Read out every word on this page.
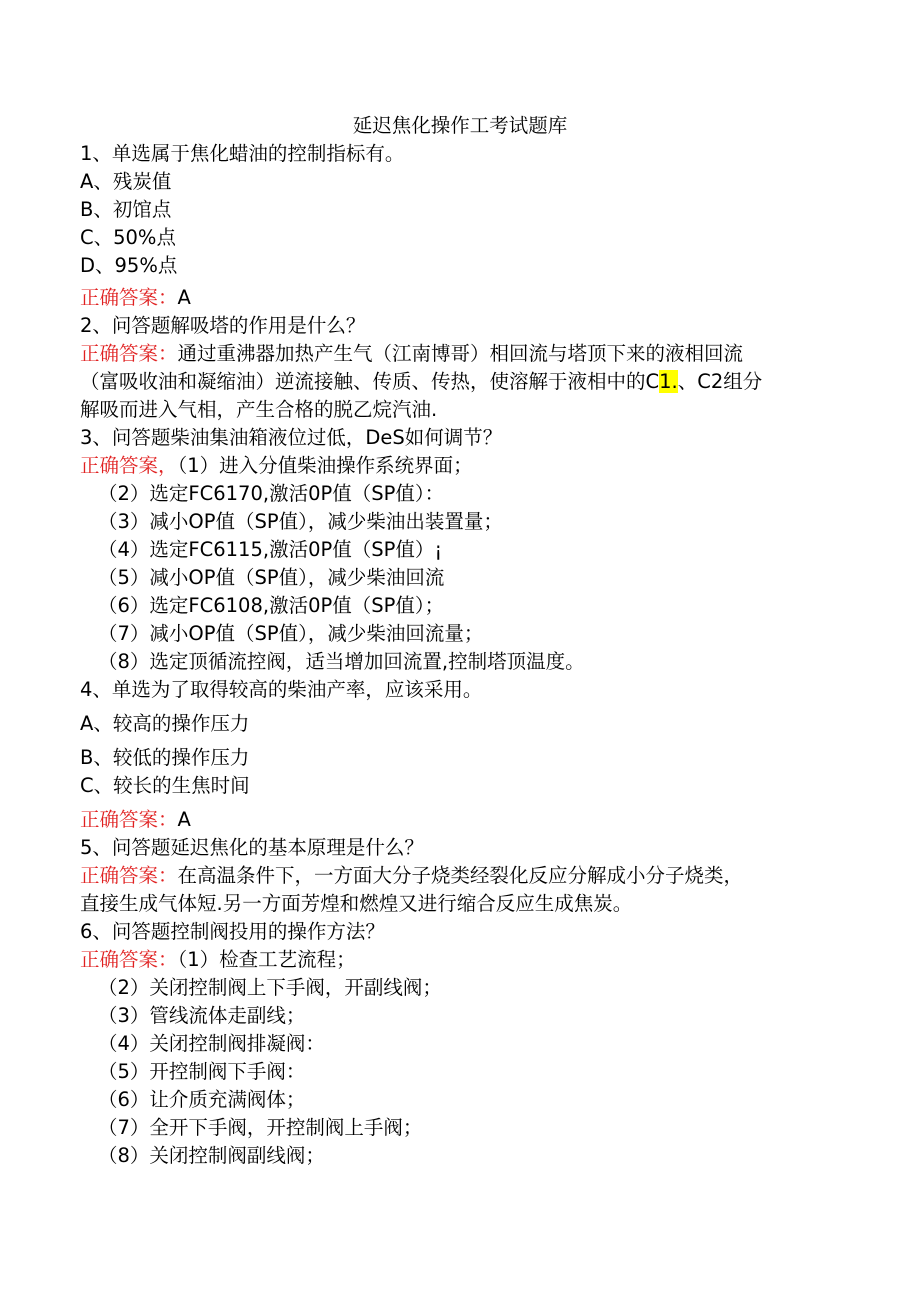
延迟焦化操作工考试题库
1、单选属于焦化蜡油的控制指标有。
A、残炭值
B、初馆点
C、50%点
D、95%点
正确答案：A
2、问答题解吸塔的作用是什么？
正确答案：通过重沸器加热产生气（江南博哥）相回流与塔顶下来的液相回流
（富吸收油和凝缩油）逆流接触、传质、传热，使溶解于液相中的C1.、C2组分
解吸而进入气相，产生合格的脱乙烷汽油.
3、问答题柴油集油箱液位过低，DeS如何调节？
正确答案，（1）进入分值柴油操作系统界面；
（2）选定FC6170,激活0P值（SP值）：
（3）减小OP值（SP值），减少柴油出装置量；
（4）选定FC6115,激活0P值（SP值）¡
（5）减小OP值（SP值），减少柴油回流
（6）选定FC6108,激活0P值（SP值）；
（7）减小OP值（SP值），减少柴油回流量；
（8）选定顶循流控阀，适当增加回流置,控制塔顶温度。
4、单选为了取得较高的柴油产率，应该采用。
A、较高的操作压力
B、较低的操作压力
C、较长的生焦时间
正确答案：A
5、问答题延迟焦化的基本原理是什么？
正确答案：在高温条件下，一方面大分子烧类经裂化反应分解成小分子烧类，
直接生成气体短.另一方面芳煌和燃煌又进行缩合反应生成焦炭。
6、问答题控制阀投用的操作方法？
正确答案：（1）检查工艺流程；
（2）关闭控制阀上下手阀，开副线阀；
（3）管线流体走副线；
（4）关闭控制阀排凝阀：
（5）开控制阀下手阀：
（6）让介质充满阀体；
（7）全开下手阀，开控制阀上手阀；
（8）关闭控制阀副线阀；
